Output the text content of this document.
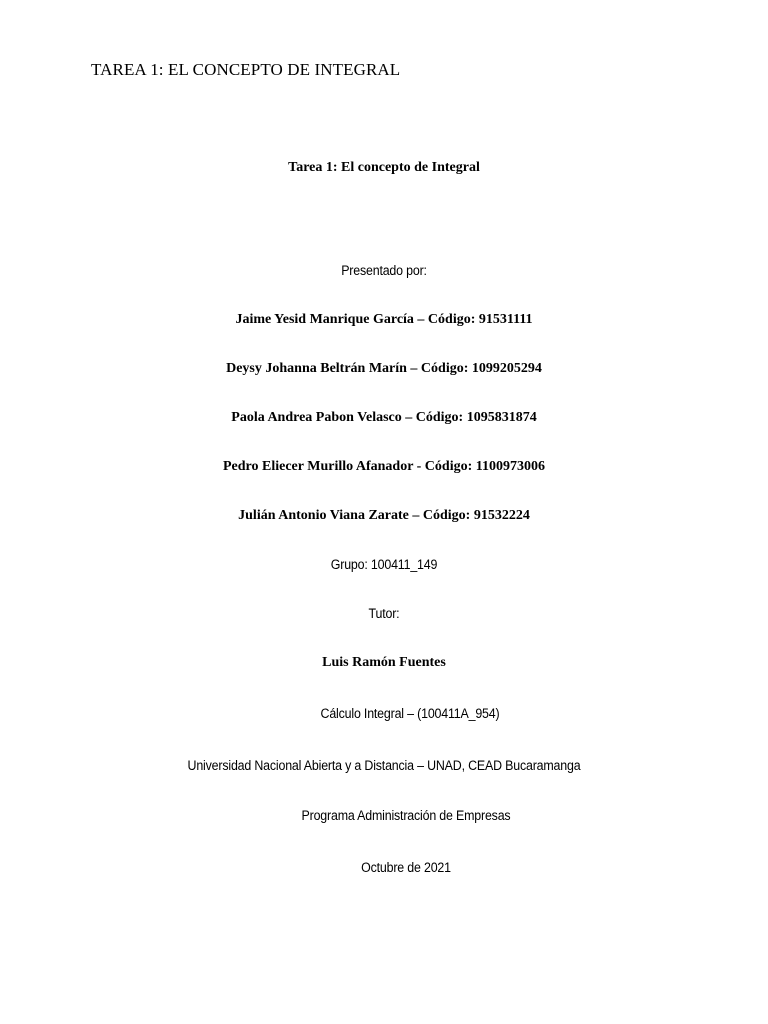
TAREA 1: EL CONCEPTO DE INTEGRAL
Tarea 1: El concepto de Integral
Presentado por:
Jaime Yesid Manrique García – Código: 91531111
Deysy Johanna Beltrán Marín – Código: 1099205294
Paola Andrea Pabon Velasco – Código: 1095831874
Pedro Eliecer Murillo Afanador - Código: 1100973006
Julián Antonio Viana Zarate – Código: 91532224
Grupo: 100411_149
Tutor:
Luis Ramón Fuentes
Cálculo Integral – (100411A_954)
Universidad Nacional Abierta y a Distancia – UNAD, CEAD Bucaramanga
Programa Administración de Empresas
Octubre de 2021
